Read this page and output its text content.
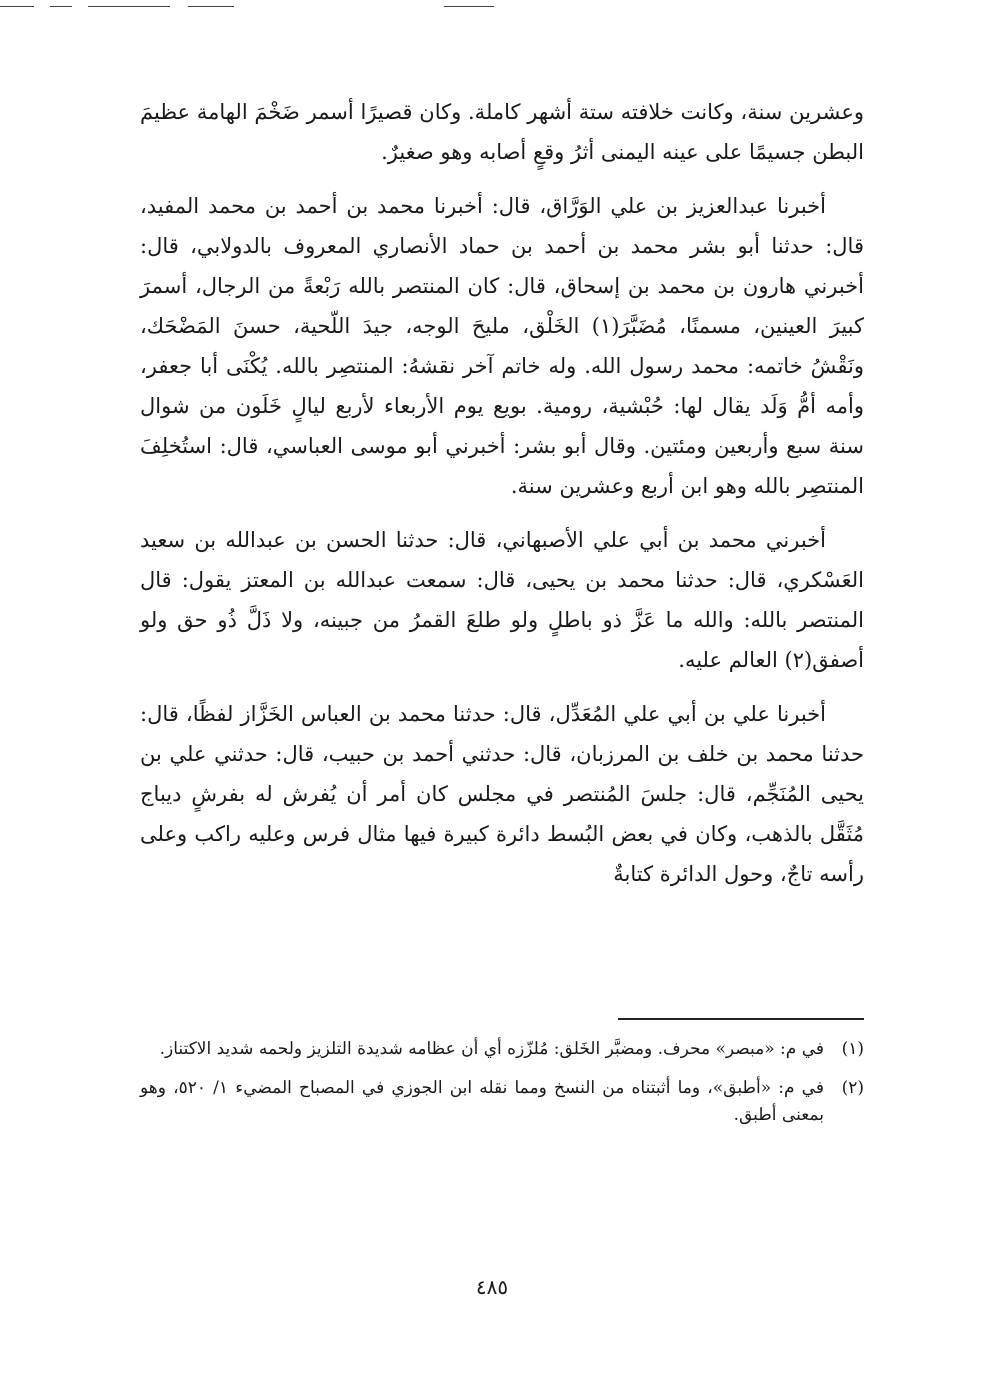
وعشرين سنة، وكانت خلافته ستة أشهر كاملة. وكان قصيرًا أسمر ضَخْمَ الهامة عظيمَ البطن جسيمًا على عينه اليمنى أثرُ وقعٍ أصابه وهو صغيرٌ.

أخبرنا عبدالعزيز بن علي الوَرَّاق، قال: أخبرنا محمد بن أحمد بن محمد المفيد، قال: حدثنا أبو بشر محمد بن أحمد بن حماد الأنصاري المعروف بالدولابي، قال: أخبرني هارون بن محمد بن إسحاق، قال: كان المنتصر بالله رَبْعةً من الرجال، أسمرَ كبيرَ العينين، مسمنًا، مُضَبَّرَ(١) الخَلْق، مليحَ الوجه، جيدَ اللّحية، حسنَ المَضْحَك، ونَقْشُ خاتمه: محمد رسول الله. وله خاتم آخر نقشهُ: المنتصِر بالله. يُكْنَى أبا جعفر، وأمه أمُّ وَلَد يقال لها: حُبْشية، رومية. بويع يوم الأربعاء لأربع ليالٍ خَلَون من شوال سنة سبع وأربعين ومئتين. وقال أبو بشر: أخبرني أبو موسى العباسي، قال: استُخلِفَ المنتصِر بالله وهو ابن أربع وعشرين سنة.

أخبرني محمد بن أبي علي الأصبهاني، قال: حدثنا الحسن بن عبدالله بن سعيد العَسْكري، قال: حدثنا محمد بن يحيى، قال: سمعت عبدالله بن المعتز يقول: قال المنتصر بالله: والله ما عَزَّ ذو باطلٍ ولو طلعَ القمرُ من جبينه، ولا ذَلَّ ذُو حق ولو أصفق(٢) العالم عليه.

أخبرنا علي بن أبي علي المُعَدِّل، قال: حدثنا محمد بن العباس الخَزَّاز لفظًا، قال: حدثنا محمد بن خلف بن المرزبان، قال: حدثني أحمد بن حبيب، قال: حدثني علي بن يحيى المُنَجِّم، قال: جلسَ المُنتصر في مجلس كان أمر أن يُفرش له بفرشٍ ديباج مُثَقَّل بالذهب، وكان في بعض البُسط دائرة كبيرة فيها مثال فرس وعليه راكب وعلى رأسه تاجٌ، وحول الدائرة كتابةٌ

(١)
في م: «مبصر» محرف. ومضبَّر الخَلق: مُلزّزه أي أن عظامه شديدة التلزيز ولحمه شديد الاكتناز.
(٢)
في م: «أطبق»، وما أثبتناه من النسخ ومما نقله ابن الجوزي في المصباح المضيء ١/ ٥٢٠، وهو بمعنى أطبق.
٤٨٥
